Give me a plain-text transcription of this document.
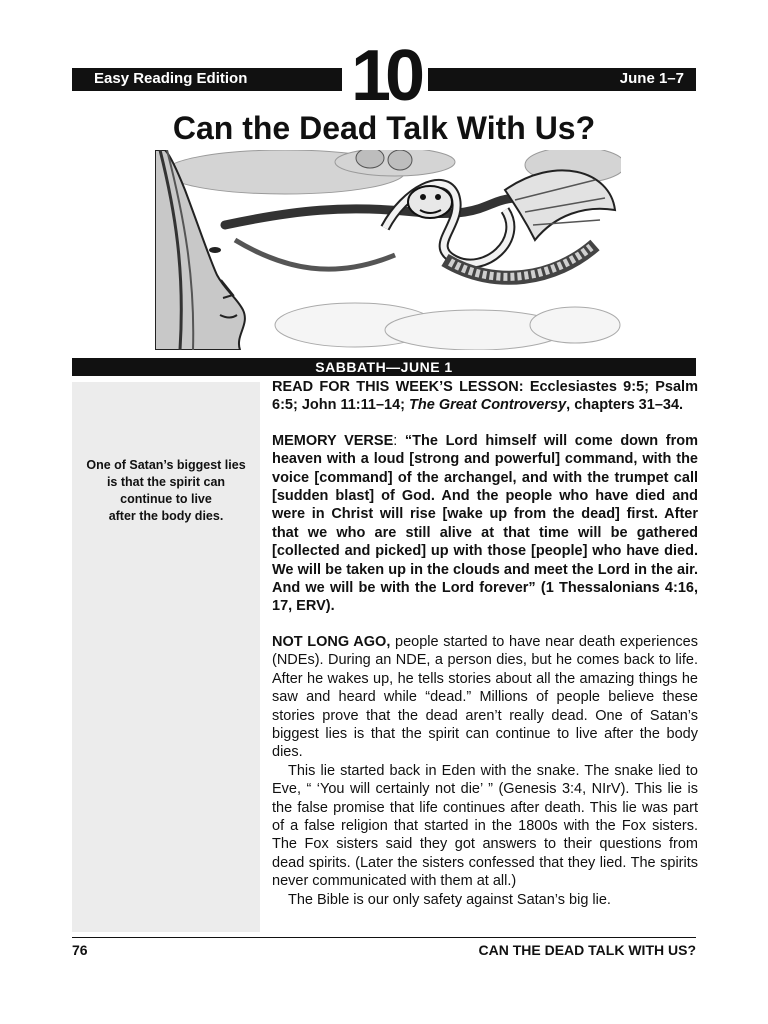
Easy Reading Edition	10	June 1–7
Can the Dead Talk With Us?
SABBATH—JUNE 1
One of Satan’s biggest lies
is that the spirit can
continue to live
after the body dies.

READ FOR THIS WEEK’S LESSON: Ecclesiastes 9:5; Psalm 6:5; John 11:11–14; The Great Controversy, chapters 31–34.

MEMORY VERSE: “The Lord himself will come down from heaven with a loud [strong and powerful] command, with the voice [command] of the archangel, and with the trumpet call [sudden blast] of God. And the people who have died and were in Christ will rise [wake up from the dead] first. After that we who are still alive at that time will be gathered [collected and picked] up with those [people] who have died. We will be taken up in the clouds and meet the Lord in the air. And we will be with the Lord forever” (1 Thessalonians 4:16, 17, ERV).

NOT LONG AGO, people started to have near death experiences (NDEs). During an NDE, a person dies, but he comes back to life. After he wakes up, he tells stories about all the amazing things he saw and heard while “dead.” Millions of people believe these stories prove that the dead aren’t really dead. One of Satan’s biggest lies is that the spirit can continue to live after the body dies.

This lie started back in Eden with the snake. The snake lied to Eve, “ ‘You will certainly not die’ ” (Genesis 3:4, NIrV). This lie is the false promise that life continues after death. This lie was part of a false religion that started in the 1800s with the Fox sisters. The Fox sisters said they got answers to their questions from dead spirits. (Later the sisters confessed that they lied. The spirits never communicated with them at all.)

The Bible is our only safety against Satan’s big lie.

76	CAN THE DEAD TALK WITH US?
